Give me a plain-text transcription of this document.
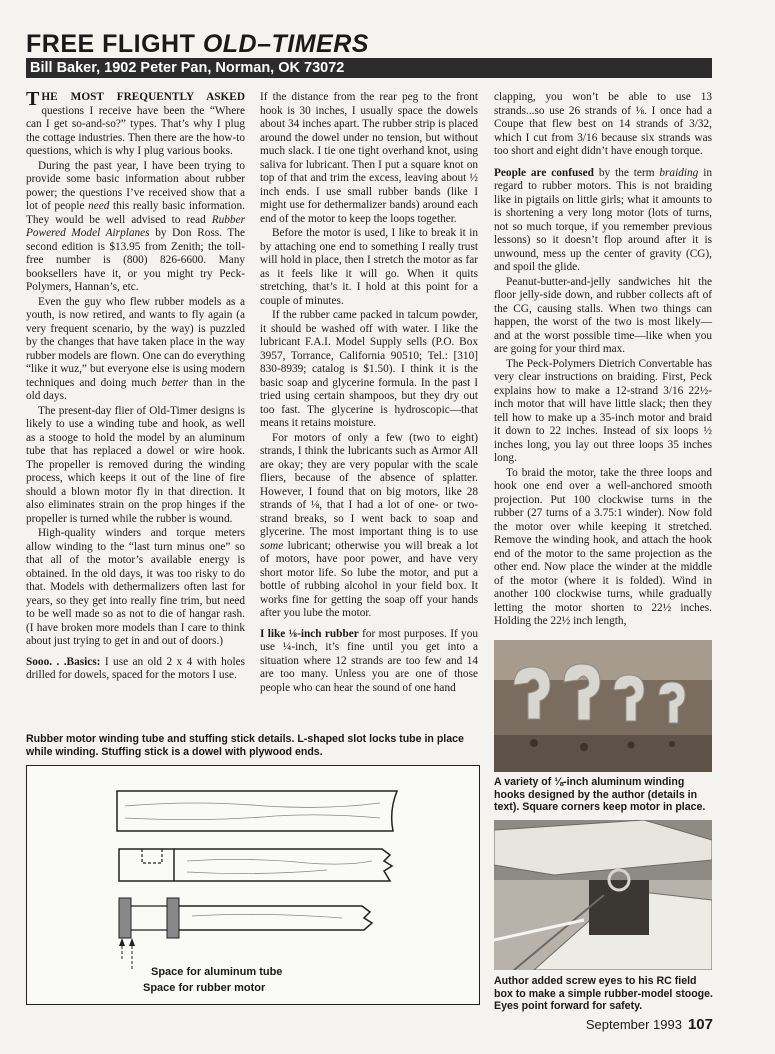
FREE FLIGHT OLD–TIMERS
Bill Baker, 1902 Peter Pan, Norman, OK 73072

THE MOST FREQUENTLY ASKED questions I receive have been the “Where can I get so-and-so?” types. That’s why I plug the cottage industries. Then there are the how-to questions, which is why I plug various books.

During the past year, I have been trying to provide some basic information about rubber power; the questions I’ve received show that a lot of people need this really basic information. They would be well advised to read Rubber Powered Model Airplanes by Don Ross. The second edition is $13.95 from Zenith; the toll-free number is (800) 826-6600. Many booksellers have it, or you might try Peck-Polymers, Hannan’s, etc.

Even the guy who flew rubber models as a youth, is now retired, and wants to fly again (a very frequent scenario, by the way) is puzzled by the changes that have taken place in the way rubber models are flown. One can do everything “like it wuz,” but everyone else is using modern techniques and doing much better than in the old days.

The present-day flier of Old-Timer designs is likely to use a winding tube and hook, as well as a stooge to hold the model by an aluminum tube that has replaced a dowel or wire hook. The propeller is removed during the winding process, which keeps it out of the line of fire should a blown motor fly in that direction. It also eliminates strain on the prop hinges if the propeller is turned while the rubber is wound.

High-quality winders and torque meters allow winding to the “last turn minus one” so that all of the motor’s available energy is obtained. In the old days, it was too risky to do that. Models with dethermalizers often last for years, so they get into really fine trim, but need to be well made so as not to die of hangar rash. (I have broken more models than I care to think about just trying to get in and out of doors.)

Sooo. . .Basics: I use an old 2 x 4 with holes drilled for dowels, spaced for the motors I use.

If the distance from the rear peg to the front hook is 30 inches, I usually space the dowels about 34 inches apart. The rubber strip is placed around the dowel under no tension, but without much slack. I tie one tight overhand knot, using saliva for lubricant. Then I put a square knot on top of that and trim the excess, leaving about ½ inch ends. I use small rubber bands (like I might use for dethermalizer bands) around each end of the motor to keep the loops together.

Before the motor is used, I like to break it in by attaching one end to something I really trust will hold in place, then I stretch the motor as far as it feels like it will go. When it quits stretching, that’s it. I hold at this point for a couple of minutes.

If the rubber came packed in talcum powder, it should be washed off with water. I like the lubricant F.A.I. Model Supply sells (P.O. Box 3957, Torrance, California 90510; Tel.: [310] 830-8939; catalog is $1.50). I think it is the basic soap and glycerine formula. In the past I tried using certain shampoos, but they dry out too fast. The glycerine is hydroscopic—that means it retains moisture.

For motors of only a few (two to eight) strands, I think the lubricants such as Armor All are okay; they are very popular with the scale fliers, because of the absence of splatter. However, I found that on big motors, like 28 strands of ⅛, that I had a lot of one- or two-strand breaks, so I went back to soap and glycerine. The most important thing is to use some lubricant; otherwise you will break a lot of motors, have poor power, and have very short motor life. So lube the motor, and put a bottle of rubbing alcohol in your field box. It works fine for getting the soap off your hands after you lube the motor.

I like ⅛-inch rubber for most purposes. If you use ¼-inch, it’s fine until you get into a situation where 12 strands are too few and 14 are too many. Unless you are one of those people who can hear the sound of one hand

clapping, you won’t be able to use 13 strands...so use 26 strands of ⅛. I once had a Coupe that flew best on 14 strands of 3/32, which I cut from 3/16 because six strands was too short and eight didn’t have enough torque.

People are confused by the term braiding in regard to rubber motors. This is not braiding like in pigtails on little girls; what it amounts to is shortening a very long motor (lots of turns, not so much torque, if you remember previous lessons) so it doesn’t flop around after it is unwound, mess up the center of gravity (CG), and spoil the glide.

Peanut-butter-and-jelly sandwiches hit the floor jelly-side down, and rubber collects aft of the CG, causing stalls. When two things can happen, the worst of the two is most likely—and at the worst possible time—like when you are going for your third max.

The Peck-Polymers Dietrich Convertable has very clear instructions on braiding. First, Peck explains how to make a 12-strand 3/16 22½-inch motor that will have little slack; then they tell how to make up a 35-inch motor and braid it down to 22 inches. Instead of six loops ½ inches long, you lay out three loops 35 inches long.

To braid the motor, take the three loops and hook one end over a well-anchored smooth projection. Put 100 clockwise turns in the rubber (27 turns of a 3.75:1 winder). Now fold the motor over while keeping it stretched. Remove the winding hook, and attach the hook end of the motor to the same projection as the other end. Now place the winder at the middle of the motor (where it is folded). Wind in another 100 clockwise turns, while gradually letting the motor shorten to 22½ inches. Holding the 22½ inch length,

A variety of ⅛-inch aluminum winding hooks designed by the author (details in text). Square corners keep motor in place.
Author added screw eyes to his RC field box to make a simple rubber-model stooge. Eyes point forward for safety.
Rubber motor winding tube and stuffing stick details. L-shaped slot locks tube in place while winding. Stuffing stick is a dowel with plywood ends.
Space for aluminum tube
Space for rubber motor
September 1993 107
